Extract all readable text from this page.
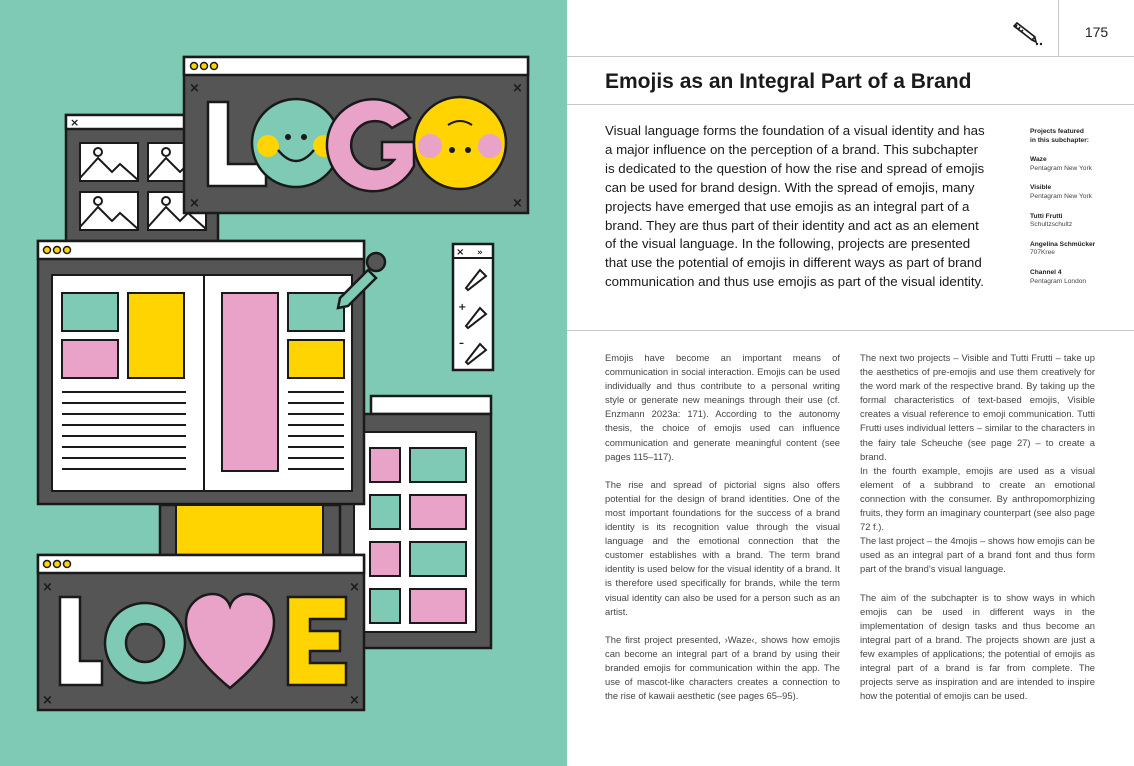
×
×	×
×	×
× »
+
–
×	×
×	×
175
Emojis as an Integral Part of a Brand

Visual language forms the foundation of a visual identity and has a major influence on the perception of a brand. This subchapter is dedicated to the question of how the rise and spread of emojis can be used for brand design. With the spread of emojis, many projects have emerged that use emojis as an integral part of a brand. They are thus part of their identity and act as an element of the visual language. In the following, projects are presented that use the potential of emojis in different ways as part of brand communication and thus use emojis as part of the visual identity.

Projects featured
in this subchapter:
Waze
Pentagram New York
Visible
Pentagram New York
Tutti Frutti
Schultzschultz
Angelina Schmücker
707Kree
Channel 4
Pentagram London

Emojis have become an important means of communication in social interaction. Emojis can be used individually and thus contribute to a personal writing style or generate new meanings through their use (cf. Enzmann 2023a: 171). According to the autonomy thesis, the choice of emojis used can influence communication and generate meaningful content (see pages 115–117).

The rise and spread of pictorial signs also offers potential for the design of brand identities. One of the most important foundations for the success of a brand identity is its recognition value through the visual language and the emotional connection that the customer establishes with a brand. The term brand identity is used below for the visual identity of a brand. It is therefore used specifically for brands, while the term visual identity can also be used for a person such as an artist.

The first project presented, ›Waze‹, shows how emojis can become an integral part of a brand by using their branded emojis for communication within the app. The use of mascot-like characters creates a connection to the rise of kawaii aesthetic (see pages 65–95).

The next two projects – Visible and Tutti Frutti – take up the aesthetics of pre-emojis and use them creatively for the word mark of the respective brand. By taking up the formal characteristics of text-based emojis, Visible creates a visual reference to emoji communication. Tutti Frutti uses individual letters – similar to the characters in the fairy tale Scheuche (see page 27) – to create a brand.

In the fourth example, emojis are used as a visual element of a subbrand to create an emotional connection with the consumer. By anthropomorphizing fruits, they form an imaginary counterpart (see also page 72 f.).

The last project – the 4mojis – shows how emojis can be used as an integral part of a brand font and thus form part of the brand’s visual language.

The aim of the subchapter is to show ways in which emojis can be used in different ways in the implementation of design tasks and thus become an integral part of a brand. The projects shown are just a few examples of applications; the potential of emojis as integral part of a brand is far from complete. The projects serve as inspiration and are intended to inspire how the potential of emojis can be used.
